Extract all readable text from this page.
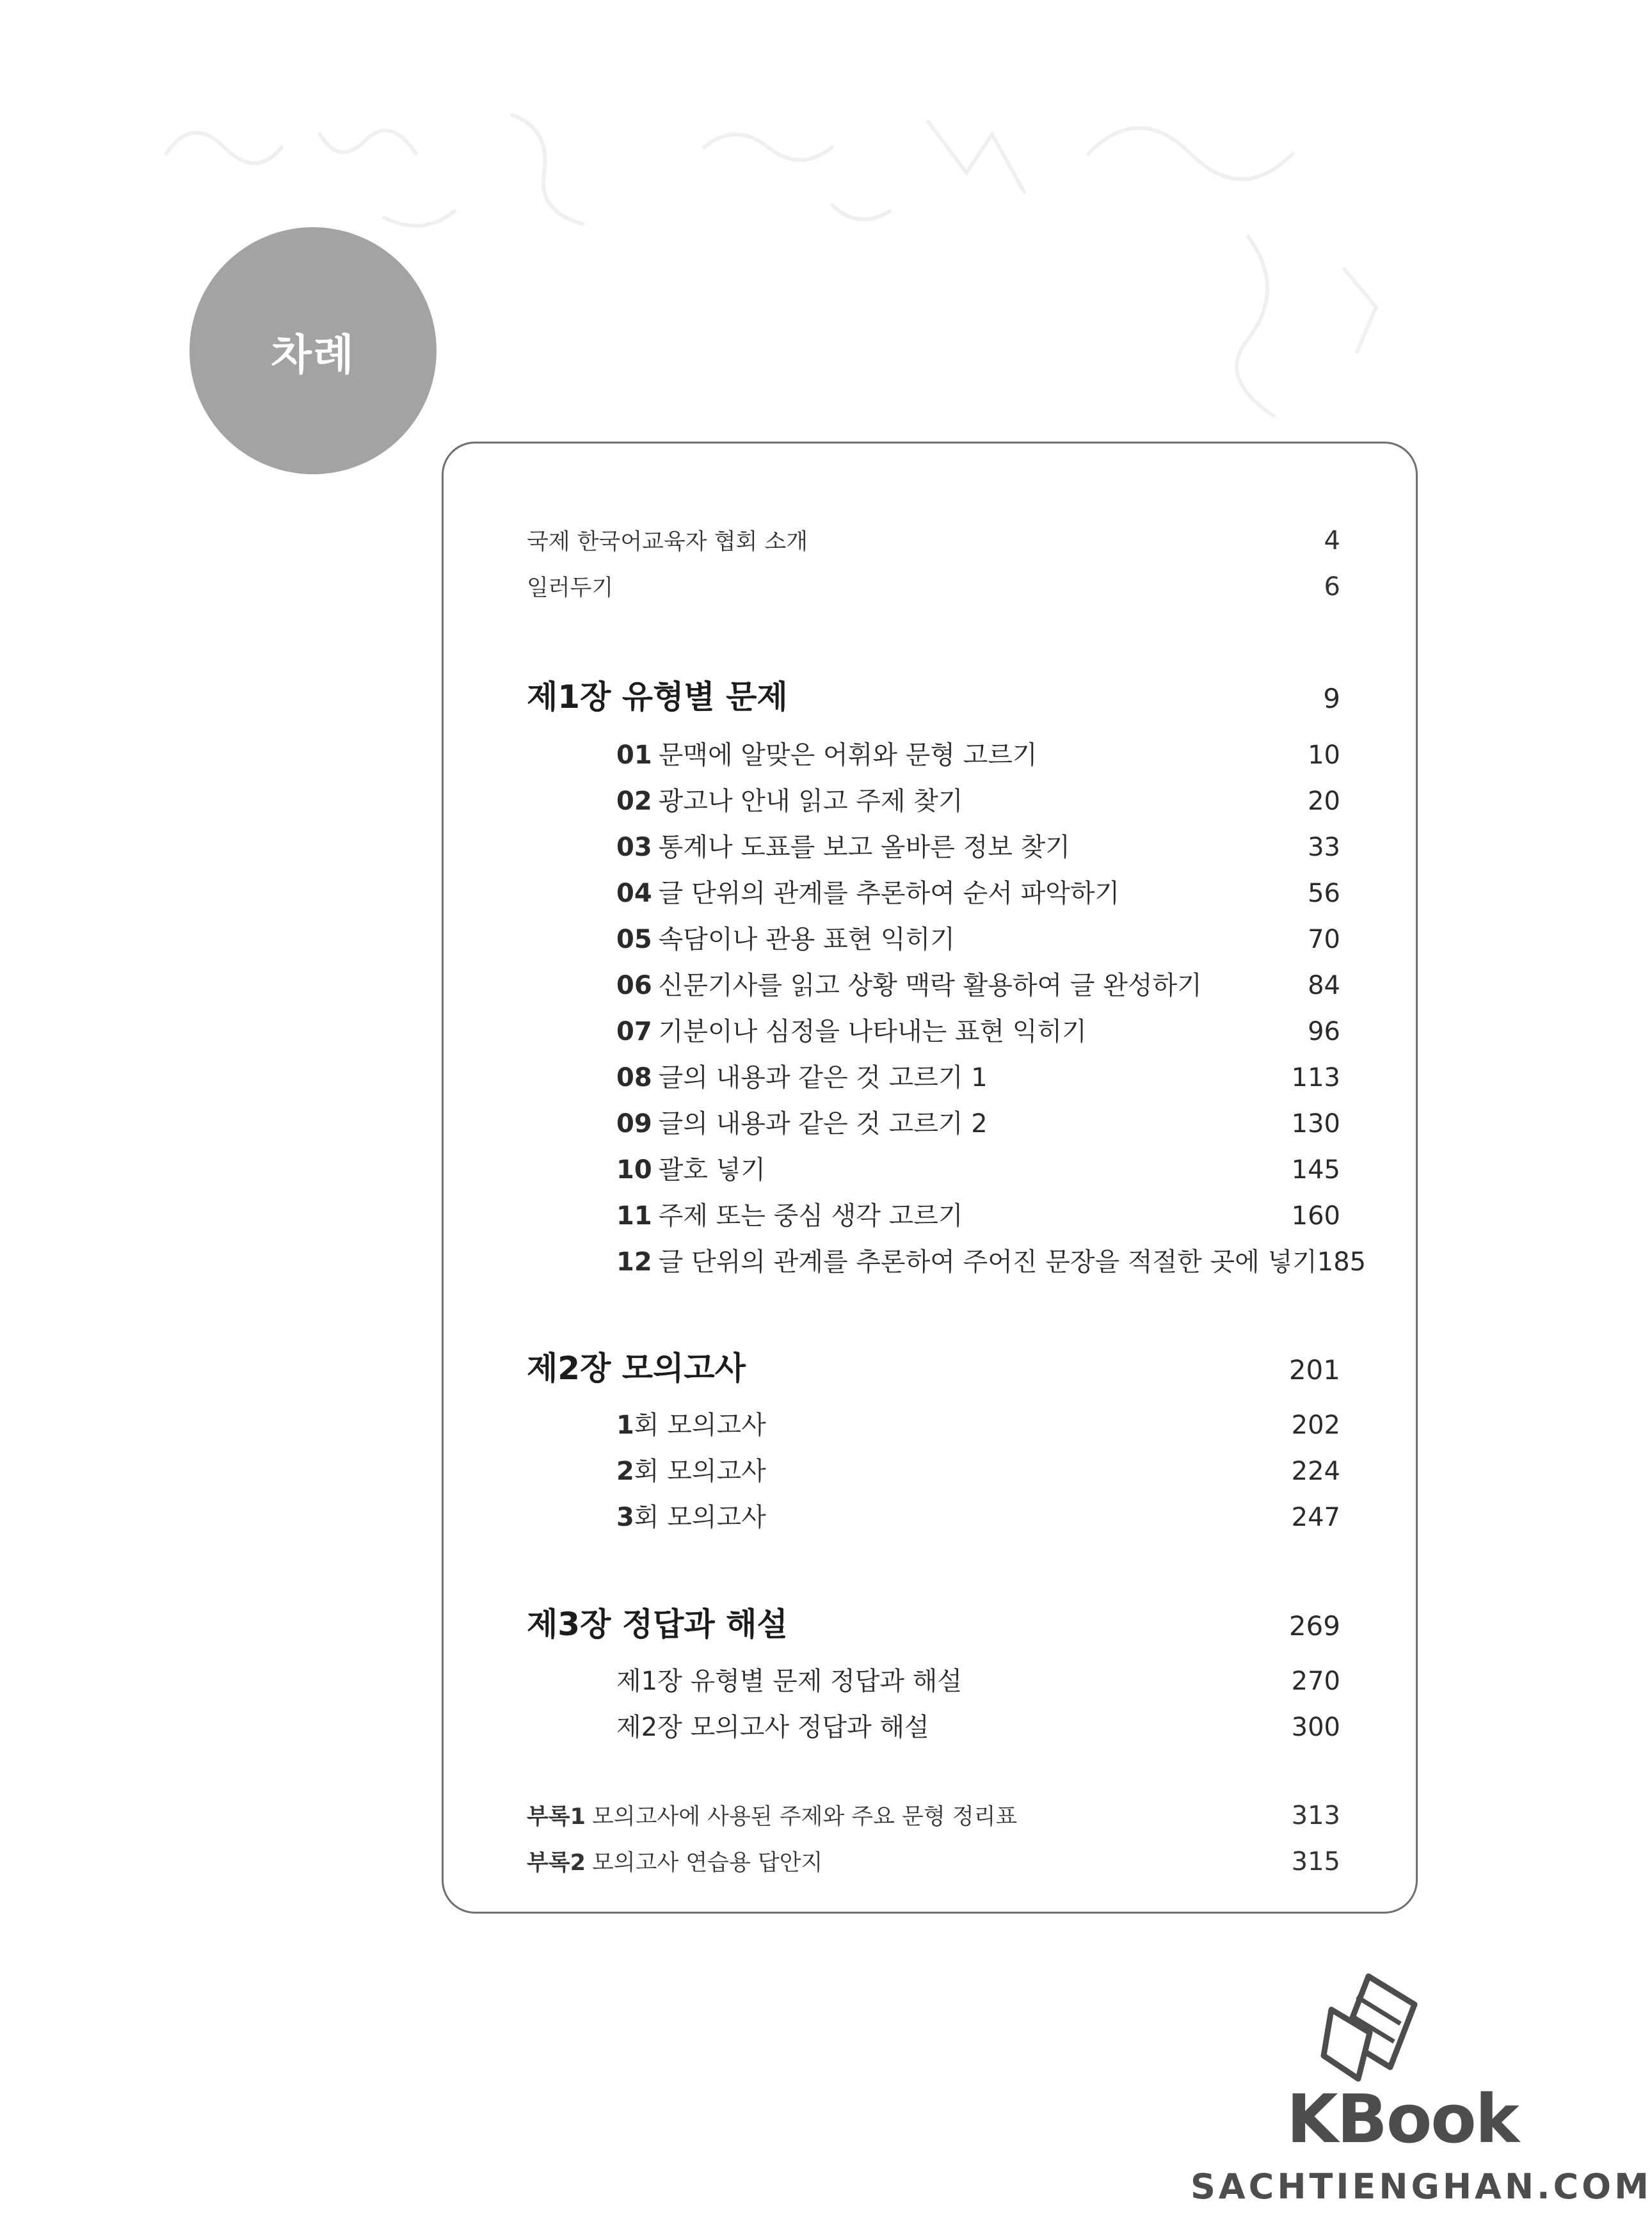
차례
국제 한국어교육자 협회 소개	4
일러두기	6
제1장 유형별 문제	9
01 문맥에 알맞은 어휘와 문형 고르기	10
02 광고나 안내 읽고 주제 찾기	20
03 통계나 도표를 보고 올바른 정보 찾기	33
04 글 단위의 관계를 추론하여 순서 파악하기	56
05 속담이나 관용 표현 익히기	70
06 신문기사를 읽고 상황 맥락 활용하여 글 완성하기	84
07 기분이나 심정을 나타내는 표현 익히기	96
08 글의 내용과 같은 것 고르기 1	113
09 글의 내용과 같은 것 고르기 2	130
10 괄호 넣기	145
11 주제 또는 중심 생각 고르기	160
12 글 단위의 관계를 추론하여 주어진 문장을 적절한 곳에 넣기 185
제2장 모의고사	201
1회 모의고사	202
2회 모의고사	224
3회 모의고사	247
제3장 정답과 해설	269
제1장 유형별 문제 정답과 해설	270
제2장 모의고사 정답과 해설	300
부록1 모의고사에 사용된 주제와 주요 문형 정리표	313
부록2 모의고사 연습용 답안지	315
KBook
SACHTIENGHAN.COM
